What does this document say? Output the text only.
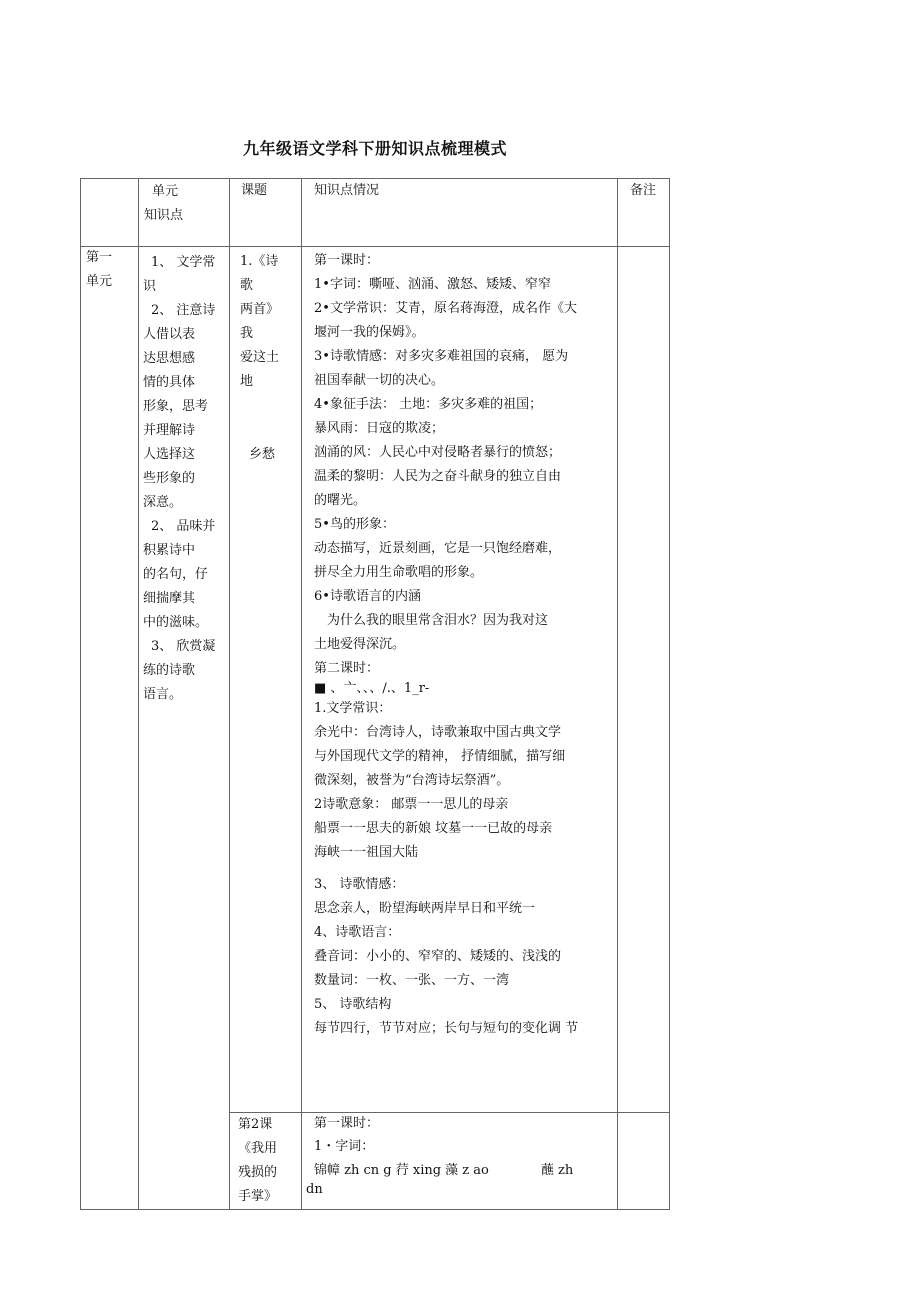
九年级语文学科下册知识点梳理模式
单元
知识点
课题	知识点情况	备注
第一
单元
1、 文学常
识
2、 注意诗
人借以表
达思想感
情的具体
形象，思考
并理解诗
人选择这
些形象的
深意。
2、 品味并
积累诗中
的名句，仔
细揣摩其
中的滋味。
3、 欣赏凝
练的诗歌
语言。
1.《诗
歌
两首》
我
爱这土
地
乡愁
第一课时：
1•字词：嘶哑、汹涌、激怒、矮矮、窄窄
2•文学常识：艾青，原名蒋海澄，成名作《大
堰河一我的保姆》。
3•诗歌情感：对多灾多难祖国的哀痛， 愿为
祖国奉献一切的决心。
4•象征手法： 土地：多灾多难的祖国；
暴风雨：日寇的欺凌；
汹涌的风：人民心中对侵略者暴行的愤怒；
温柔的黎明：人民为之奋斗献身的独立自由
的曙光。
5•鸟的形象：
动态描写，近景刻画，它是一只饱经磨难，
拼尽全力用生命歌唱的形象。
6•诗歌语言的内涵
　为什么我的眼里常含泪水？因为我对这
土地爱得深沉。
第二课时：
■ 、亠、、、/.、1_r-
1.文学常识：
余光中：台湾诗人，诗歌兼取中国古典文学
与外国现代文学的精神， 抒情细腻，描写细
微深刻，被誉为“台湾诗坛祭酒”。
2诗歌意象： 邮票一一思儿的母亲
船票一一思夫的新娘 坟墓一一已故的母亲
海峡一一祖国大陆
3、 诗歌情感：
思念亲人，盼望海峡两岸早日和平统一
4、诗歌语言：
叠音词：小小的、窄窄的、矮矮的、浅浅的
数量词：一枚、一张、一方、一湾
5、 诗歌结构
每节四行，节节对应；长句与短句的变化调 节
第2课
《我用
残损的
手掌》
第一课时：
1・字词：
锦幛 zh cn g 荇 xing 藻 z ao　　　　蘸 zh
dn
